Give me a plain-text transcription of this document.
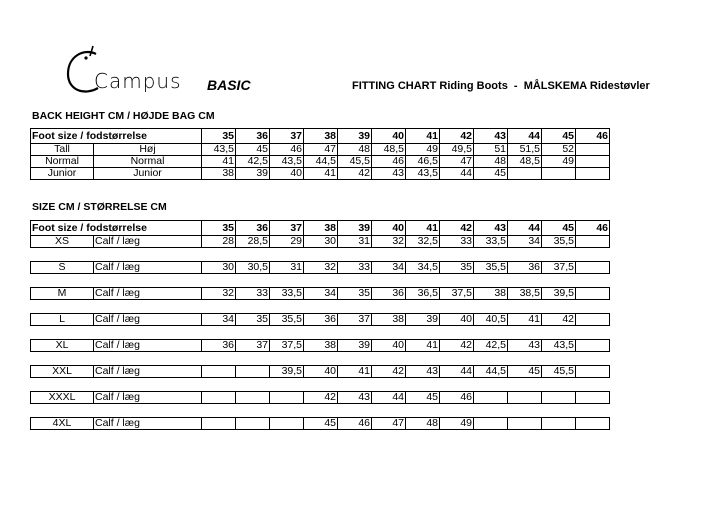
Campus BASIC	FITTING CHART Riding Boots  -  MÅLSKEMA Ridestøvler
BACK HEIGHT CM / HØJDE BAG CM
Foot size / fodstørrelse		35	36	37	38	39	40	41	42	43	44	45	46
Tall	Høj	43,5	45	46	47	48	48,5	49	49,5	51	51,5	52	
Normal	Normal	41	42,5	43,5	44,5	45,5	46	46,5	47	48	48,5	49	
Junior	Junior	38	39	40	41	42	43	43,5	44	45			
SIZE CM / STØRRELSE CM
Foot size / fodstørrelse		35	36	37	38	39	40	41	42	43	44	45	46
XS	Calf / læg	28	28,5	29	30	31	32	32,5	33	33,5	34	35,5	

S	Calf / læg	30	30,5	31	32	33	34	34,5	35	35,5	36	37,5	

M	Calf / læg	32	33	33,5	34	35	36	36,5	37,5	38	38,5	39,5	

L	Calf / læg	34	35	35,5	36	37	38	39	40	40,5	41	42	

XL	Calf / læg	36	37	37,5	38	39	40	41	42	42,5	43	43,5	

XXL	Calf / læg			39,5	40	41	42	43	44	44,5	45	45,5	

XXXL	Calf / læg				42	43	44	45	46				

4XL	Calf / læg				45	46	47	48	49				
